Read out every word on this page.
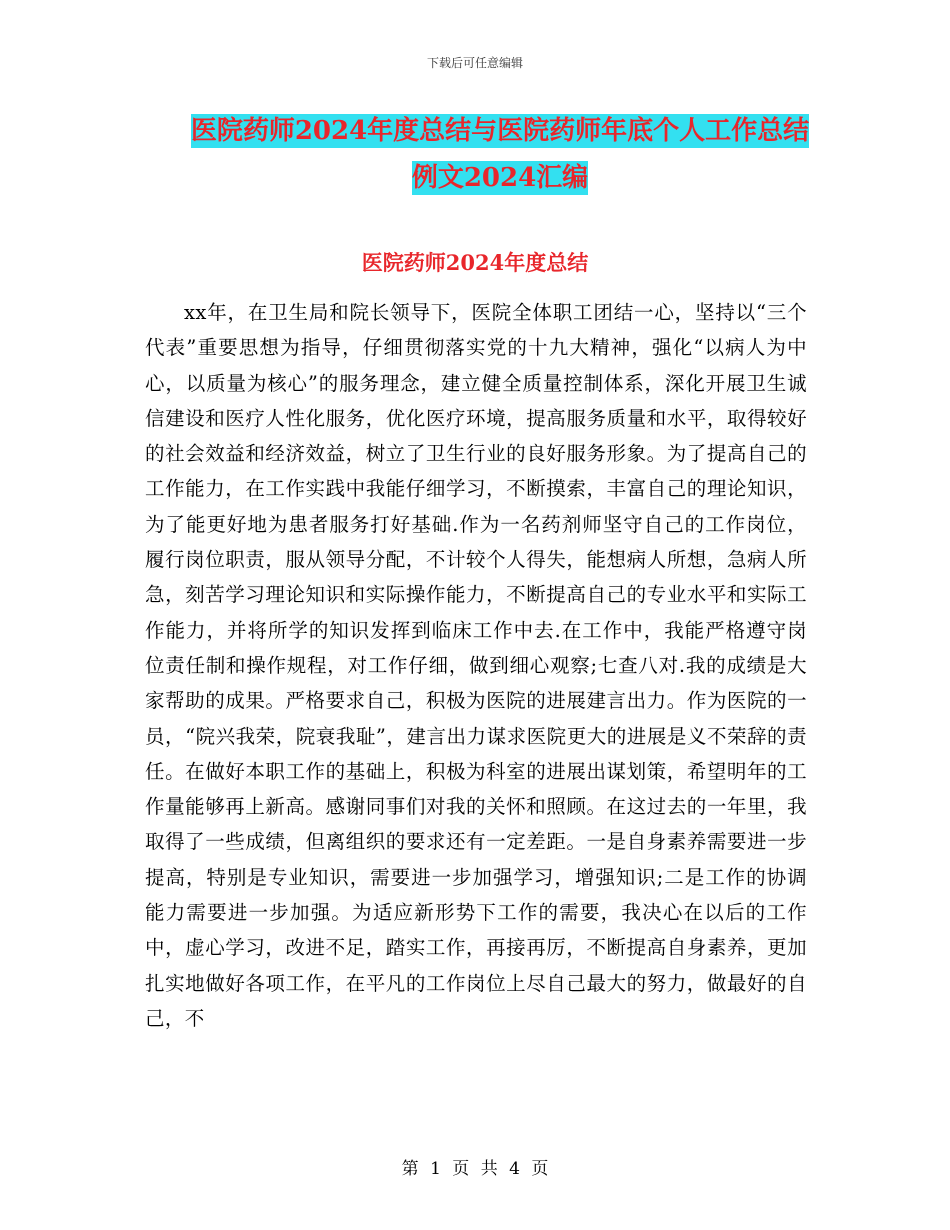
下载后可任意编辑
医院药师2024年度总结与医院药师年底个人工作总结
例文2024汇编
医院药师2024年度总结

xx年，在卫生局和院长领导下，医院全体职工团结一心，坚持以“三个代表”重要思想为指导，仔细贯彻落实党的十九大精神，强化“以病人为中心，以质量为核心”的服务理念，建立健全质量控制体系，深化开展卫生诚信建设和医疗人性化服务，优化医疗环境，提高服务质量和水平，取得较好的社会效益和经济效益，树立了卫生行业的良好服务形象。为了提高自己的工作能力，在工作实践中我能仔细学习，不断摸索，丰富自己的理论知识，为了能更好地为患者服务打好基础.作为一名药剂师坚守自己的工作岗位，履行岗位职责，服从领导分配，不计较个人得失，能想病人所想，急病人所急，刻苦学习理论知识和实际操作能力，不断提高自己的专业水平和实际工作能力，并将所学的知识发挥到临床工作中去.在工作中，我能严格遵守岗位责任制和操作规程，对工作仔细，做到细心观察;七查八对.我的成绩是大家帮助的成果。严格要求自己，积极为医院的进展建言出力。作为医院的一员，“院兴我荣，院衰我耻”，建言出力谋求医院更大的进展是义不荣辞的责任。在做好本职工作的基础上，积极为科室的进展出谋划策，希望明年的工作量能够再上新高。感谢同事们对我的关怀和照顾。在这过去的一年里，我取得了一些成绩，但离组织的要求还有一定差距。一是自身素养需要进一步提高，特别是专业知识，需要进一步加强学习，增强知识;二是工作的协调能力需要进一步加强。为适应新形势下工作的需要，我决心在以后的工作中，虚心学习，改进不足，踏实工作，再接再厉，不断提高自身素养，更加扎实地做好各项工作，在平凡的工作岗位上尽自己最大的努力，做最好的自己，不

第 1 页 共 4 页
